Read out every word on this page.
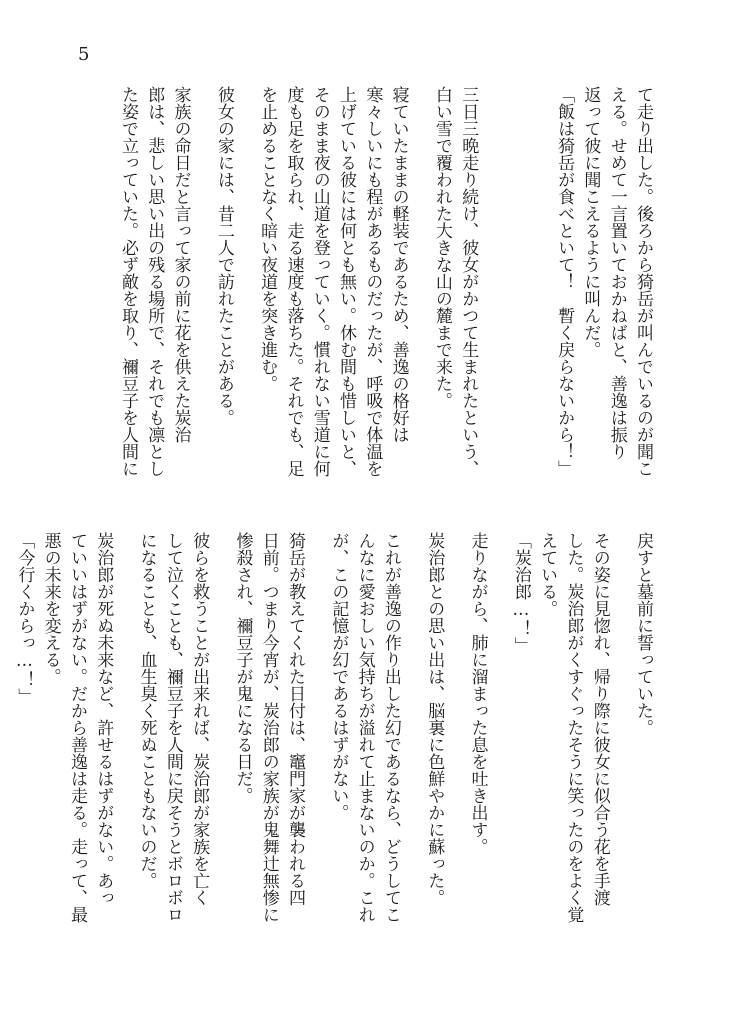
5

て走り出した。後ろから猗岳が叫んでいるのが聞こ

える。せめて一言置いておかねばと、善逸は振り

返って彼に聞こえるように叫んだ。

「飯は猗岳が食べといて！　暫く戻らないから！」

三日三晩走り続け、彼女がかつて生まれたという、

白い雪で覆われた大きな山の麓まで来た。

寝ていたままの軽装であるため、善逸の格好は

寒々しいにも程があるものだったが、呼吸で体温を

上げている彼には何とも無い。休む間も惜しいと、

そのまま夜の山道を登っていく。慣れない雪道に何

度も足を取られ、走る速度も落ちた。それでも、足

を止めることなく暗い夜道を突き進む。

彼女の家には、昔二人で訪れたことがある。

家族の命日だと言って家の前に花を供えた炭治

郎は、悲しい思い出の残る場所で、それでも凛とし

た姿で立っていた。必ず敵を取り、禰豆子を人間に

戻すと墓前に誓っていた。

その姿に見惚れ、帰り際に彼女に似合う花を手渡

した。炭治郎がくすぐったそうに笑ったのをよく覚

えている。

「炭治郎…！」

走りながら、肺に溜まった息を吐き出す。

炭治郎との思い出は、脳裏に色鮮やかに蘇った。

これが善逸の作り出した幻であるなら、どうしてこ

んなに愛おしい気持ちが溢れて止まないのか。これ

が、この記憶が幻であるはずがない。

猗岳が教えてくれた日付は、竈門家が襲われる四

日前。つまり今宵が、炭治郎の家族が鬼舞辻無惨に

惨殺され、禰豆子が鬼になる日だ。

彼らを救うことが出来れば、炭治郎が家族を亡く

して泣くことも、禰豆子を人間に戻そうとボロボロ

になることも、血生臭く死ぬこともないのだ。

炭治郎が死ぬ未来など、許せるはずがない。あっ

ていいはずがない。だから善逸は走る。走って、最

悪の未来を変える。

「今行くからっ…！」
